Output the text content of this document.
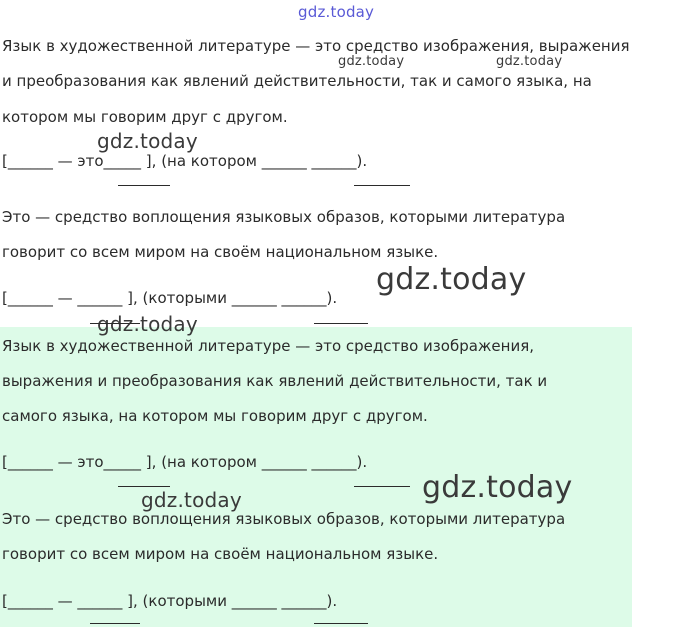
gdz.today
gdz.today	gdz.today
gdz.today
gdz.today
gdz.today
gdz.today	gdz.today
Язык в художественной литературе — это средство изображения, выражения
и преобразования как явлений действительности, так и самого языка, на
котором мы говорим друг с другом.
[______ — это_____ ], (на котором ______ ______).
Это — средство воплощения языковых образов, которыми литература
говорит со всем миром на своём национальном языке.
[______ — ______ ], (которыми ______ ______).
Язык в художественной литературе — это средство изображения,
выражения и преобразования как явлений действительности, так и
самого языка, на котором мы говорим друг с другом.
[______ — это_____ ], (на котором ______ ______).
Это — средство воплощения языковых образов, которыми литература
говорит со всем миром на своём национальном языке.
[______ — ______ ], (которыми ______ ______).
